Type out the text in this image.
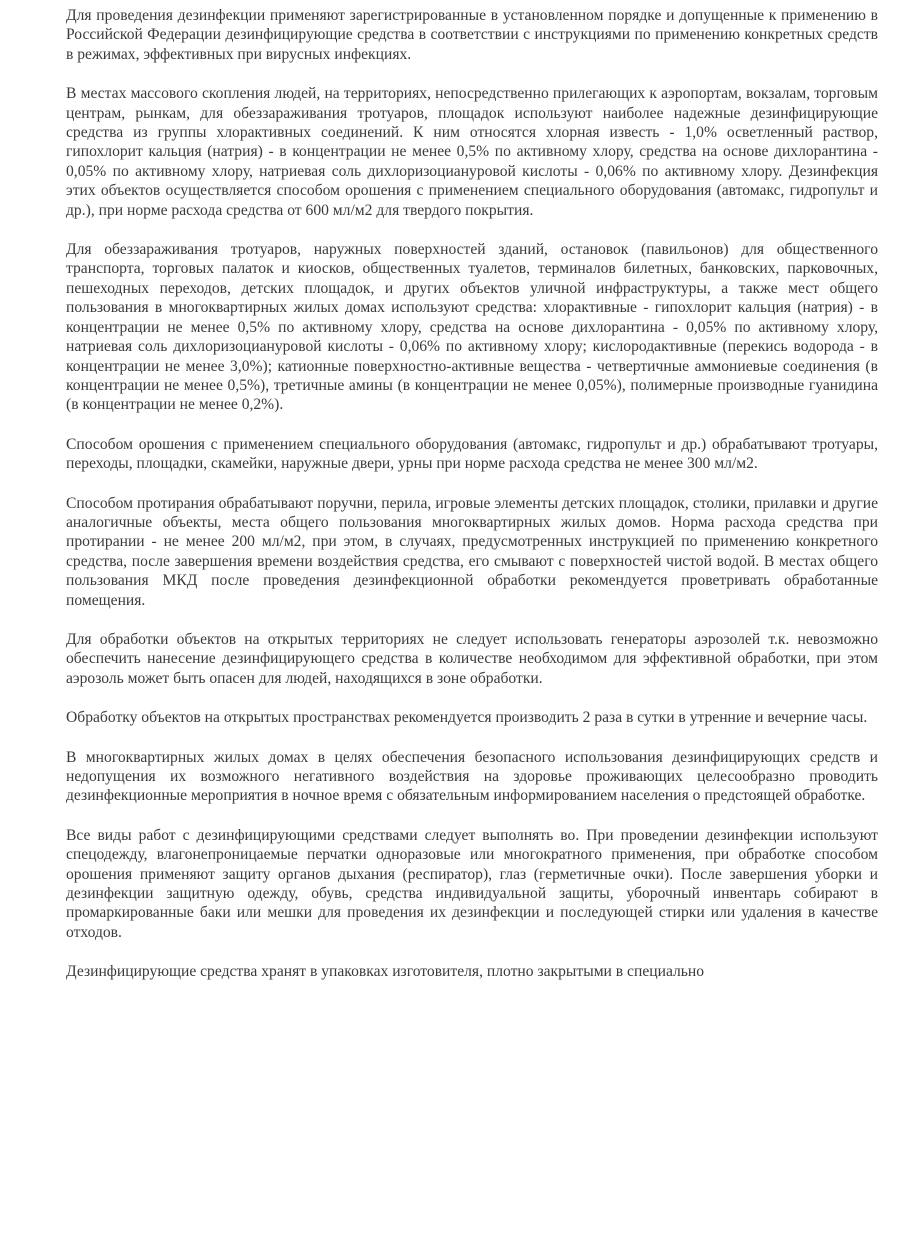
Для проведения дезинфекции применяют зарегистрированные в установленном порядке и допущенные к применению в Российской Федерации дезинфицирующие средства в соответствии с инструкциями по применению конкретных средств в режимах, эффективных при вирусных инфекциях.

В местах массового скопления людей, на территориях, непосредственно прилегающих к аэропортам, вокзалам, торговым центрам, рынкам, для обеззараживания тротуаров, площадок используют наиболее надежные дезинфицирующие средства из группы хлорактивных соединений. К ним относятся хлорная известь - 1,0% осветленный раствор, гипохлорит кальция (натрия) - в концентрации не менее 0,5% по активному хлору, средства на основе дихлорантина - 0,05% по активному хлору, натриевая соль дихлоризоциануровой кислоты - 0,06% по активному хлору. Дезинфекция этих объектов осуществляется способом орошения с применением специального оборудования (автомакс, гидропульт и др.), при норме расхода средства от 600 мл/м2 для твердого покрытия.

Для обеззараживания тротуаров, наружных поверхностей зданий, остановок (павильонов) для общественного транспорта, торговых палаток и киосков, общественных туалетов, терминалов билетных, банковских, парковочных, пешеходных переходов, детских площадок, и других объектов уличной инфраструктуры, а также мест общего пользования в многоквартирных жилых домах используют средства: хлорактивные - гипохлорит кальция (натрия) - в концентрации не менее 0,5% по активному хлору, средства на основе дихлорантина - 0,05% по активному хлору, натриевая соль дихлоризоциануровой кислоты - 0,06% по активному хлору; кислородактивные (перекись водорода - в концентрации не менее 3,0%); катионные поверхностно-активные вещества - четвертичные аммониевые соединения (в концентрации не менее 0,5%), третичные амины (в концентрации не менее 0,05%), полимерные производные гуанидина (в концентрации не менее 0,2%).

Способом орошения с применением специального оборудования (автомакс, гидропульт и др.) обрабатывают тротуары, переходы, площадки, скамейки, наружные двери, урны при норме расхода средства не менее 300 мл/м2.

Способом протирания обрабатывают поручни, перила, игровые элементы детских площадок, столики, прилавки и другие аналогичные объекты, места общего пользования многоквартирных жилых домов. Норма расхода средства при протирании - не менее 200 мл/м2, при этом, в случаях, предусмотренных инструкцией по применению конкретного средства, после завершения времени воздействия средства, его смывают с поверхностей чистой водой. В местах общего пользования МКД после проведения дезинфекционной обработки рекомендуется проветривать обработанные помещения.

Для обработки объектов на открытых территориях не следует использовать генераторы аэрозолей т.к. невозможно обеспечить нанесение дезинфицирующего средства в количестве необходимом для эффективной обработки, при этом аэрозоль может быть опасен для людей, находящихся в зоне обработки.

Обработку объектов на открытых пространствах рекомендуется производить 2 раза в сутки в утренние и вечерние часы.

В многоквартирных жилых домах в целях обеспечения безопасного использования дезинфицирующих средств и недопущения их возможного негативного воздействия на здоровье проживающих целесообразно проводить дезинфекционные мероприятия в ночное время с обязательным информированием населения о предстоящей обработке.

Все виды работ с дезинфицирующими средствами следует выполнять во. При проведении дезинфекции используют спецодежду, влагонепроницаемые перчатки одноразовые или многократного применения, при обработке способом орошения применяют защиту органов дыхания (респиратор), глаз (герметичные очки). После завершения уборки и дезинфекции защитную одежду, обувь, средства индивидуальной защиты, уборочный инвентарь собирают в промаркированные баки или мешки для проведения их дезинфекции и последующей стирки или удаления в качестве отходов.

Дезинфицирующие средства хранят в упаковках изготовителя, плотно закрытыми в специально
